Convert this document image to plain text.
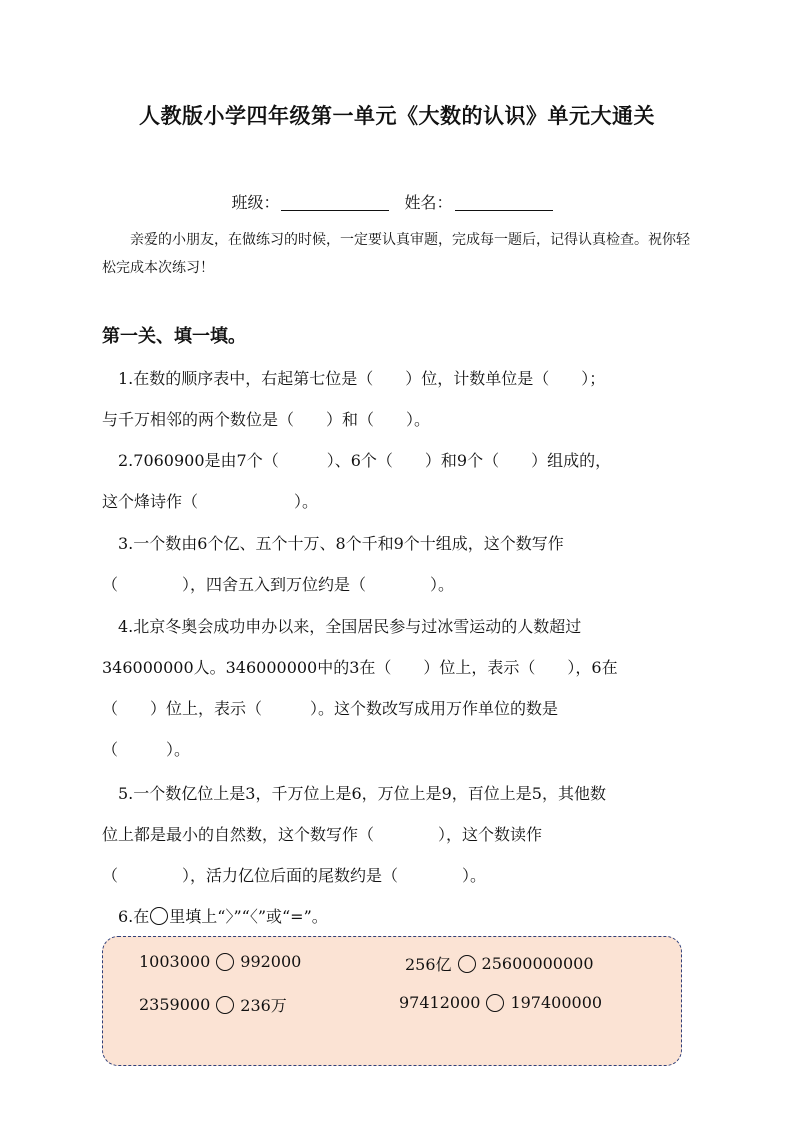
人教版小学四年级第一单元《大数的认识》单元大通关
班级：	姓名：
亲爱的小朋友，在做练习的时候，一定要认真审题，完成每一题后，记得认真检查。祝你轻松完成本次练习！
第一关、填一填。

1.在数的顺序表中，右起第七位是（　　）位，计数单位是（　　）；

与千万相邻的两个数位是（　　）和（　　）。

2.7060900是由7个（　　　）、6个（　　）和9个（　　）组成的，

这个烽诗作（　　　　　　）。

3.一个数由6个亿、五个十万、8个千和9个十组成，这个数写作

（　　　　），四舍五入到万位约是（　　　　）。

4.北京冬奥会成功申办以来，全国居民参与过冰雪运动的人数超过

346000000人。346000000中的3在（　　）位上，表示（　　），6在

（　　）位上，表示（　　　）。这个数改写成用万作单位的数是

（　　　）。

5.一个数亿位上是3，千万位上是6，万位上是9，百位上是5，其他数

位上都是最小的自然数，这个数写作（　　　　），这个数读作

（　　　　），活力亿位后面的尾数约是（　　　　）。

6.在 里填上“〉”“〈”或“=”。

1003000 992000	256亿 25600000000
2359000 236万	97412000 197400000
